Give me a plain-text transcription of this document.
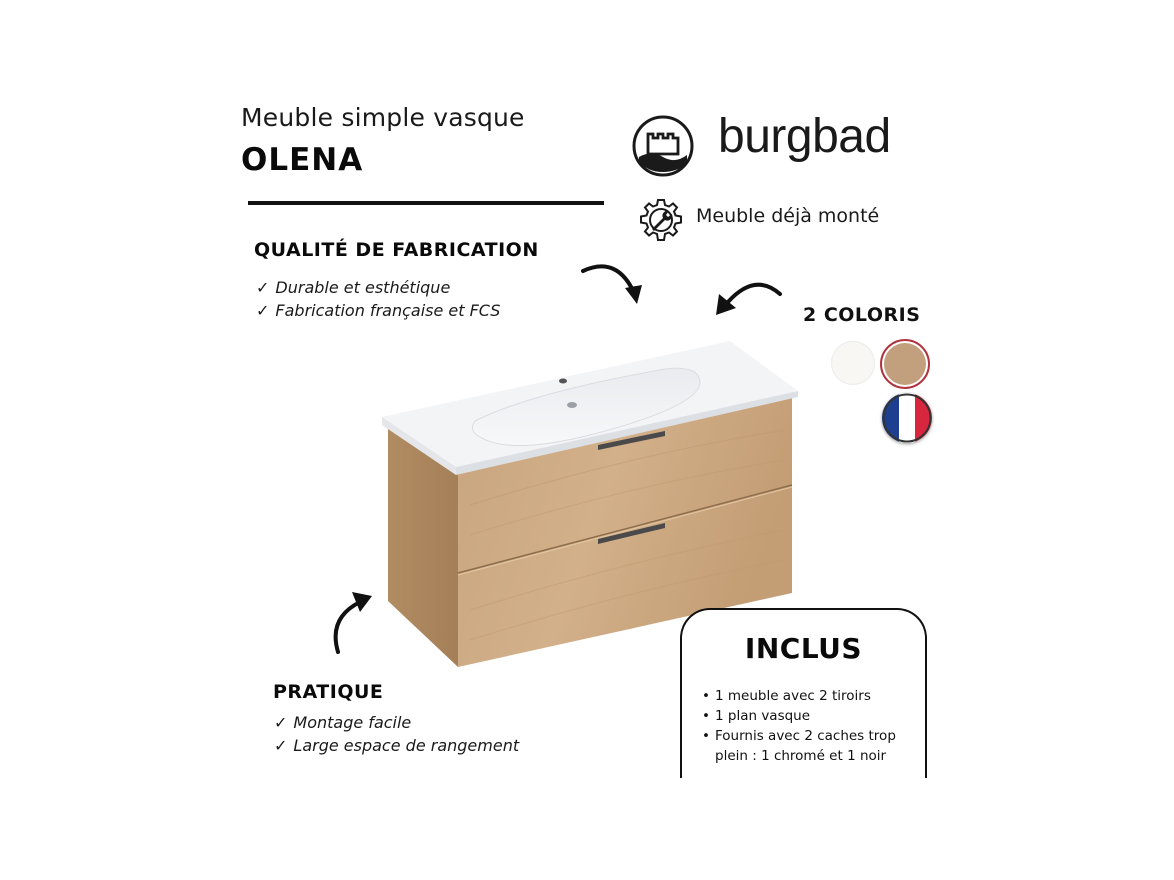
Meuble simple vasque
OLENA	burgbad
Meuble déjà monté
QUALITÉ DE FABRICATION
✓ Durable et esthétique
✓ Fabrication française et FCS	2 COLORIS
PRATIQUE
✓ Montage facile
✓ Large espace de rangement
INCLUS
• 1 meuble avec 2 tiroirs
• 1 plan vasque
• Fournis avec 2 caches trop plein : 1 chromé et 1 noir
